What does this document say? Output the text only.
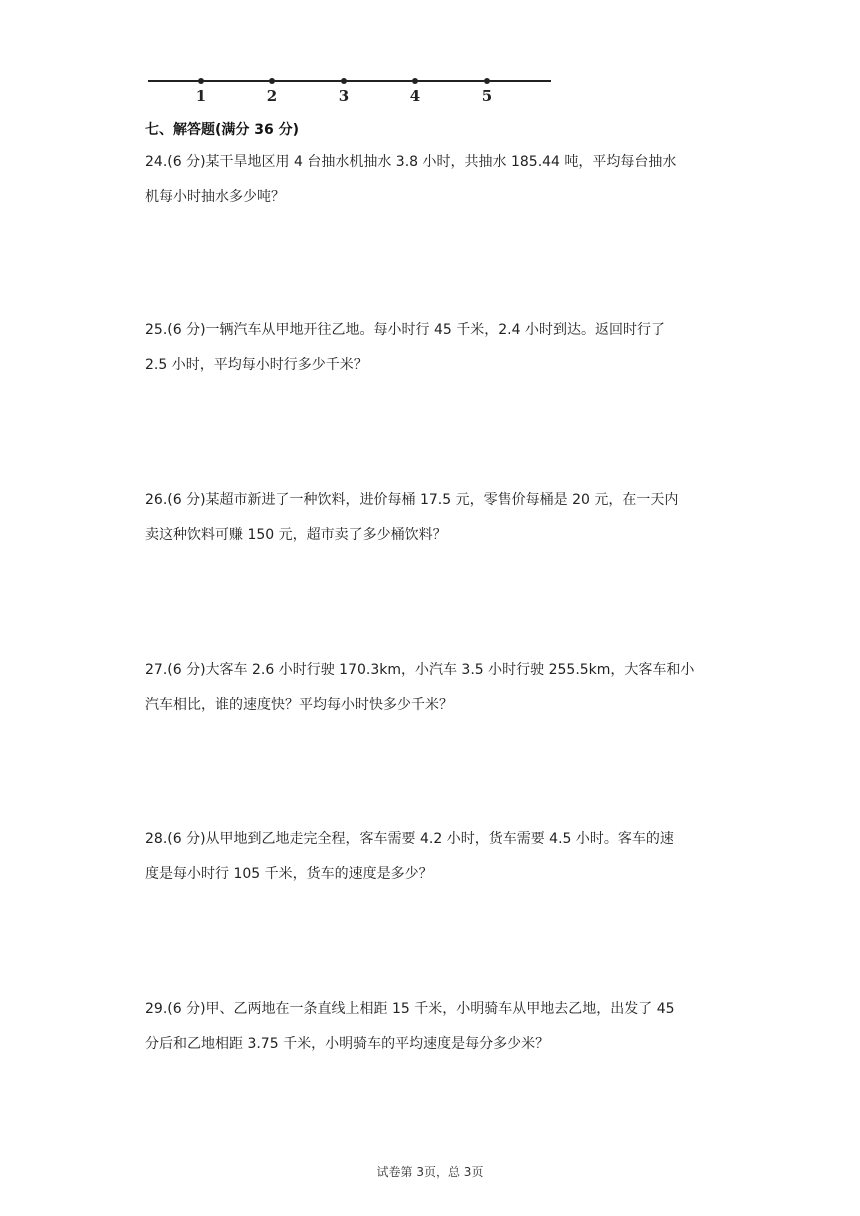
1	2	3	4	5
七、解答题(满分 36 分)
24.(6 分)某干旱地区用 4 台抽水机抽水 3.8 小时，共抽水 185.44 吨，平均每台抽水
机每小时抽水多少吨？
25.(6 分)一辆汽车从甲地开往乙地。每小时行 45 千米，2.4 小时到达。返回时行了
2.5 小时，平均每小时行多少千米？
26.(6 分)某超市新进了一种饮料，进价每桶 17.5 元，零售价每桶是 20 元，在一天内
卖这种饮料可赚 150 元，超市卖了多少桶饮料？
27.(6 分)大客车 2.6 小时行驶 170.3km，小汽车 3.5 小时行驶 255.5km，大客车和小
汽车相比，谁的速度快？平均每小时快多少千米？
28.(6 分)从甲地到乙地走完全程，客车需要 4.2 小时，货车需要 4.5 小时。客车的速
度是每小时行 105 千米，货车的速度是多少？
29.(6 分)甲、乙两地在一条直线上相距 15 千米，小明骑车从甲地去乙地，出发了 45
分后和乙地相距 3.75 千米，小明骑车的平均速度是每分多少米？
试卷第 3页，总 3页
